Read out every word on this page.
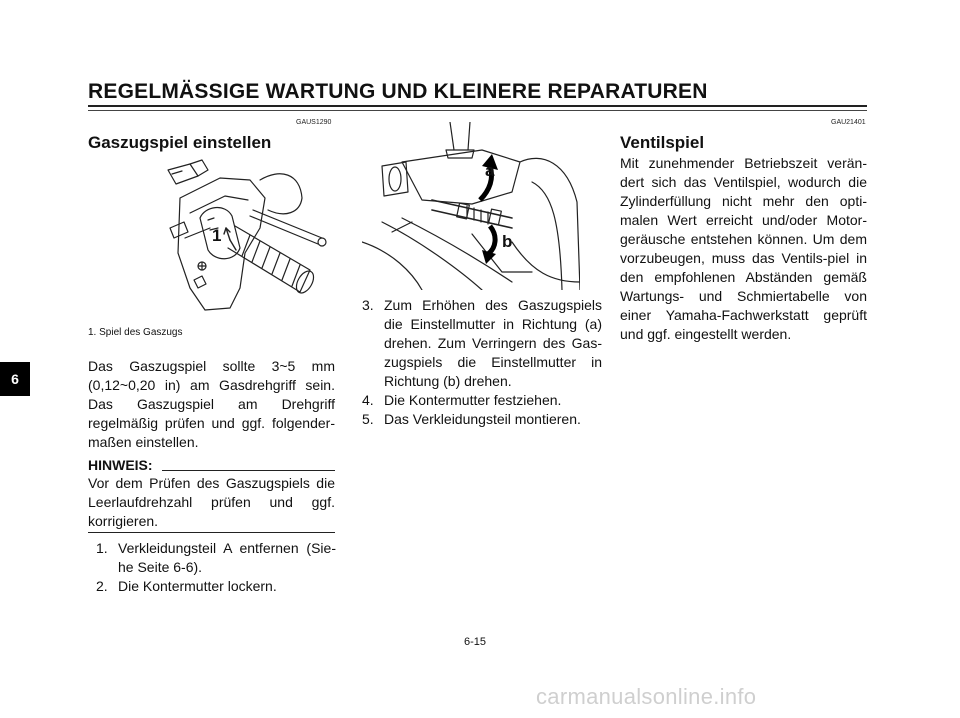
REGELMÄSSIGE WARTUNG UND KLEINERE REPARATUREN
6
GAUS1290
Gaszugspiel einstellen
1
1. Spiel des Gaszugs

Das Gaszugspiel sollte 3~5 mm

(0,12~0,20 in) am Gasdrehgriff sein.

Das Gaszugspiel am Drehgriff

regelmäßig prüfen und ggf. folgender-

maßen einstellen.

HINWEIS:

Vor dem Prüfen des Gaszugspiels die

Leerlaufdrehzahl prüfen und ggf.

korrigieren.

1. Verkleidungsteil A entfernen (Sie-he Seite 6-6).
2. Die Kontermutter lockern.
a
b
3. Zum Erhöhen des Gaszugspiels die Einstellmutter in Richtung (a) drehen. Zum Verringern des Gas-zugspiels die Einstellmutter in Richtung (b) drehen.
4. Die Kontermutter festziehen.
5. Das Verkleidungsteil montieren.
GAU21401
Ventilspiel
Mit zunehmender Betriebszeit verän-dert sich das Ventilspiel, wodurch die Zylinderfüllung nicht mehr den opti-malen Wert erreicht und/oder Motor-geräusche entstehen können. Um dem vorzubeugen, muss das Ventils-piel in den empfohlenen Abständen gemäß Wartungs- und Schmiertabelle von einer Yamaha-Fachwerkstatt geprüft und ggf. eingestellt werden.
6-15
carmanualsonline.info
